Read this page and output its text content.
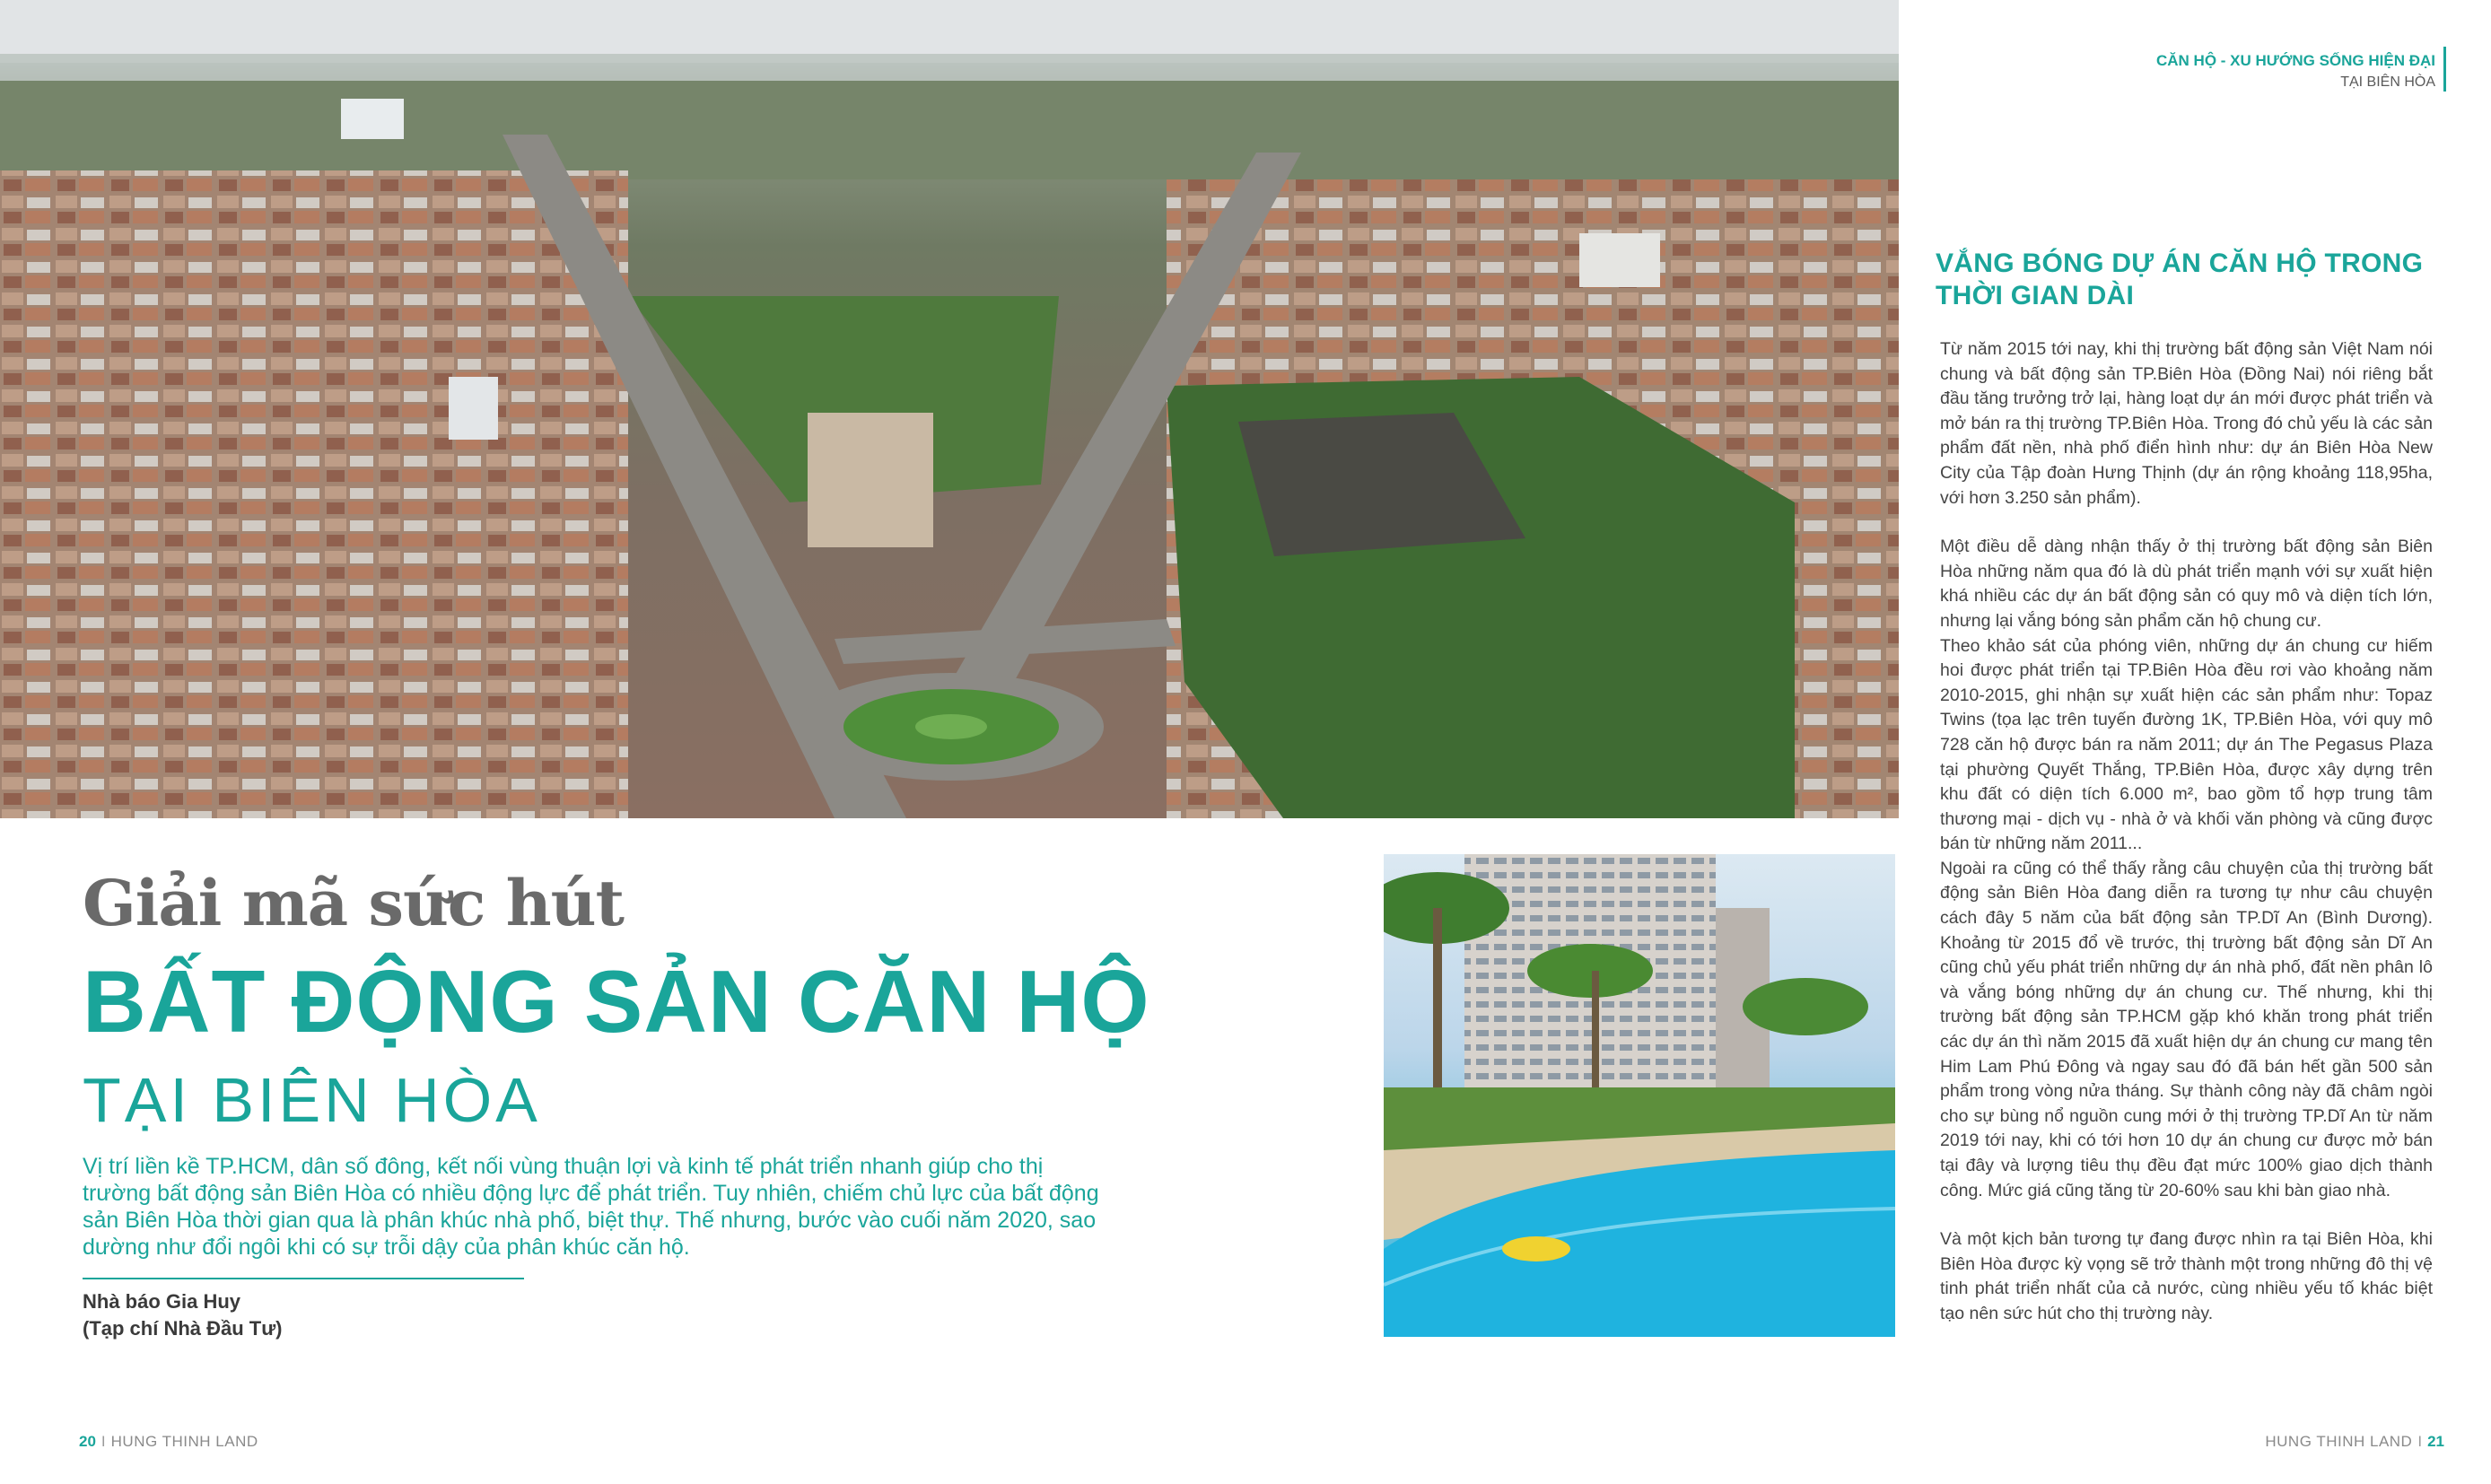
Giải mã sức hút
BẤT ĐỘNG SẢN CĂN HỘ
TẠI BIÊN HÒA
Vị trí liền kề TP.HCM, dân số đông, kết nối vùng thuận lợi và kinh tế phát triển nhanh giúp cho thị trường bất động sản Biên Hòa có nhiều động lực để phát triển. Tuy nhiên, chiếm chủ lực của bất động sản Biên Hòa thời gian qua là phân khúc nhà phố, biệt thự. Thế nhưng, bước vào cuối năm 2020, sao dường như đổi ngôi khi có sự trỗi dậy của phân khúc căn hộ.
Nhà báo Gia Huy
(Tạp chí Nhà Đầu Tư)
20 I HUNG THINH LAND
CĂN HỘ - XU HƯỚNG SỐNG HIỆN ĐẠI
TẠI BIÊN HÒA
VẮNG BÓNG DỰ ÁN CĂN HỘ TRONG THỜI GIAN DÀI

Từ năm 2015 tới nay, khi thị trường bất động sản Việt Nam nói chung và bất động sản TP.Biên Hòa (Đồng Nai) nói riêng bắt đầu tăng trưởng trở lại, hàng loạt dự án mới được phát triển và mở bán ra thị trường TP.Biên Hòa. Trong đó chủ yếu là các sản phẩm đất nền, nhà phố điển hình như: dự án Biên Hòa New City của Tập đoàn Hưng Thịnh (dự án rộng khoảng 118,95ha, với hơn 3.250 sản phẩm).

Một điều dễ dàng nhận thấy ở thị trường bất động sản Biên Hòa những năm qua đó là dù phát triển mạnh với sự xuất hiện khá nhiều các dự án bất động sản có quy mô và diện tích lớn, nhưng lại vắng bóng sản phẩm căn hộ chung cư.

Theo khảo sát của phóng viên, những dự án chung cư hiếm hoi được phát triển tại TP.Biên Hòa đều rơi vào khoảng năm 2010-2015, ghi nhận sự xuất hiện các sản phẩm như: Topaz Twins (tọa lạc trên tuyến đường 1K, TP.Biên Hòa, với quy mô 728 căn hộ được bán ra năm 2011; dự án The Pegasus Plaza tại phường Quyết Thắng, TP.Biên Hòa, được xây dựng trên khu đất có diện tích 6.000 m², bao gồm tổ hợp trung tâm thương mại - dịch vụ - nhà ở và khối văn phòng và cũng được bán từ những năm 2011...

Ngoài ra cũng có thể thấy rằng câu chuyện của thị trường bất động sản Biên Hòa đang diễn ra tương tự như câu chuyện cách đây 5 năm của bất động sản TP.Dĩ An (Bình Dương). Khoảng từ 2015 đổ về trước, thị trường bất động sản Dĩ An cũng chủ yếu phát triển những dự án nhà phố, đất nền phân lô và vắng bóng những dự án chung cư. Thế nhưng, khi thị trường bất động sản TP.HCM gặp khó khăn trong phát triển các dự án thì năm 2015 đã xuất hiện dự án chung cư mang tên Him Lam Phú Đông và ngay sau đó đã bán hết gần 500 sản phẩm trong vòng nửa tháng. Sự thành công này đã châm ngòi cho sự bùng nổ nguồn cung mới ở thị trường TP.Dĩ An từ năm 2019 tới nay, khi có tới hơn 10 dự án chung cư được mở bán tại đây và lượng tiêu thụ đều đạt mức 100% giao dịch thành công. Mức giá cũng tăng từ 20-60% sau khi bàn giao nhà.

Và một kịch bản tương tự đang được nhìn ra tại Biên Hòa, khi Biên Hòa được kỳ vọng sẽ trở thành một trong những đô thị vệ tinh phát triển nhất của cả nước, cùng nhiều yếu tố khác biệt tạo nên sức hút cho thị trường này.

HUNG THINH LAND I 21
